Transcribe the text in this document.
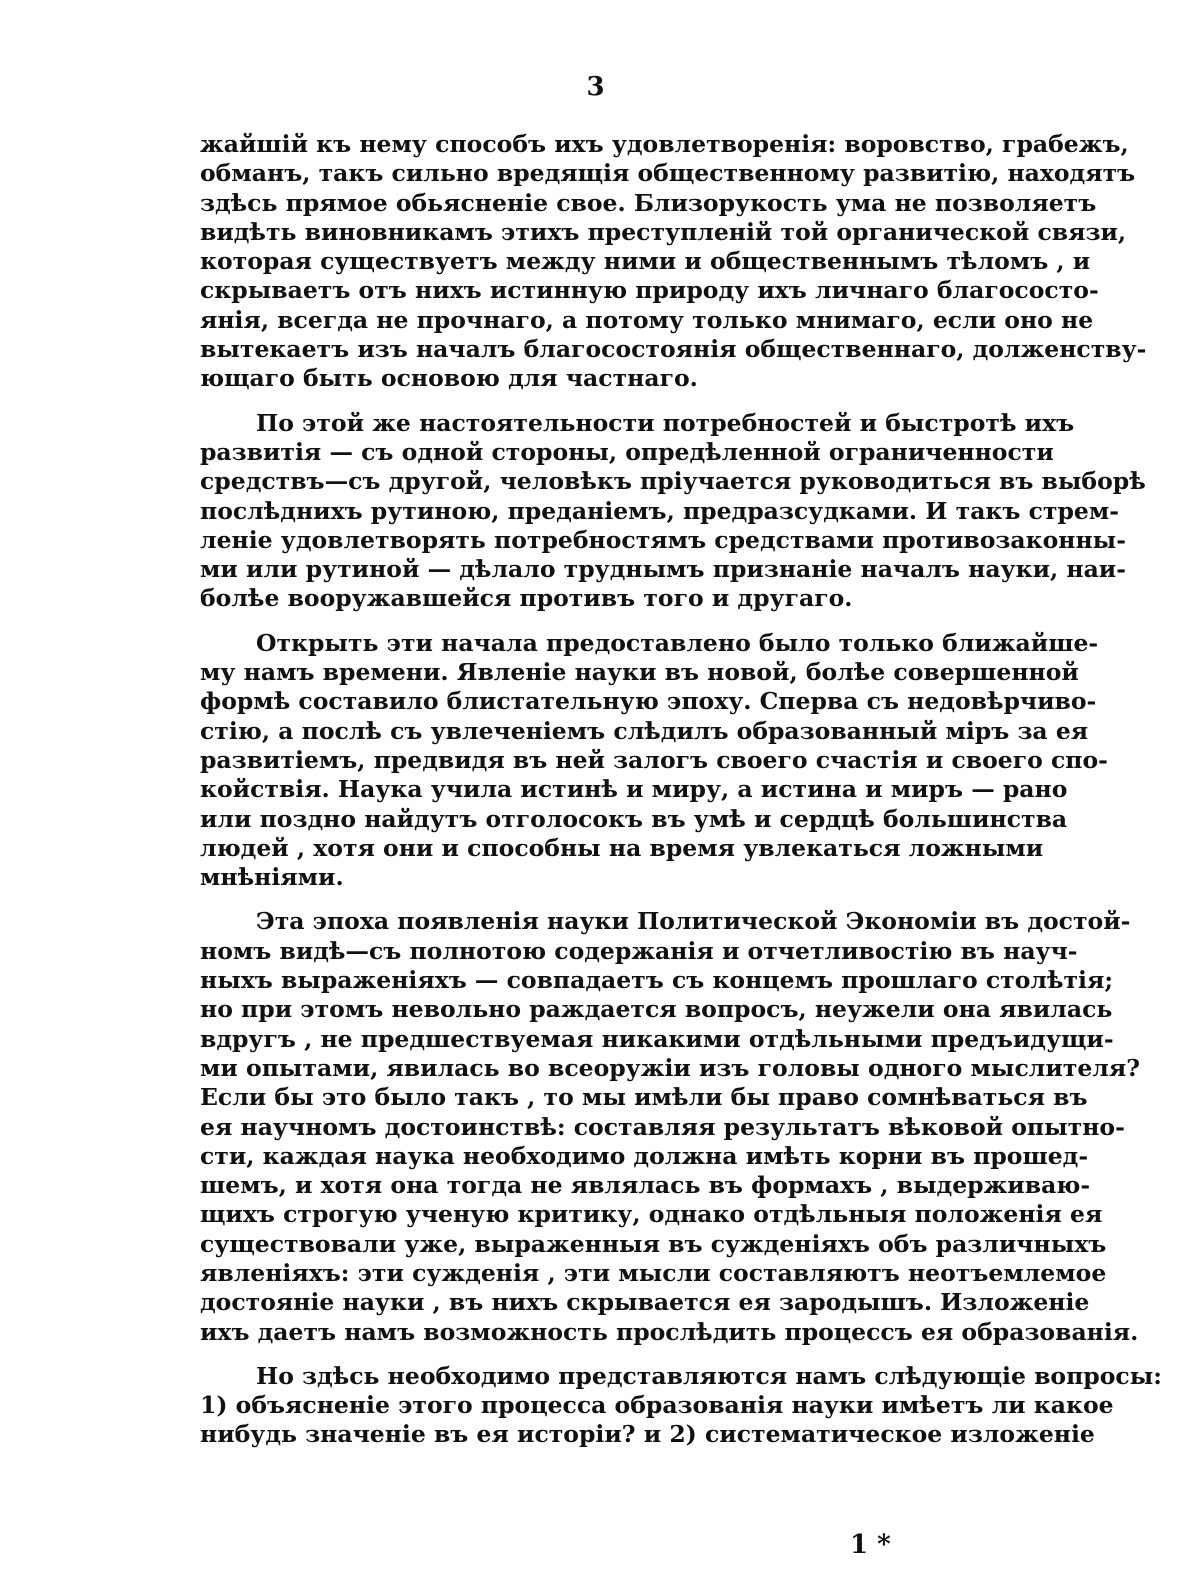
3
жайшій къ нему способъ ихъ удовлетворенія: воровство, грабежъ,
обманъ, такъ сильно вредящія общественному развитію, находятъ
здѣсь прямое обьясненіе свое. Близорукость ума не позволяетъ
видѣть виновникамъ этихъ преступленій той органической связи,
которая существуетъ между ними и общественнымъ тѣломъ , и
скрываетъ отъ нихъ истинную природу ихъ личнаго благососто-
янія, всегда не прочнаго, а потому только мнимаго, если оно не
вытекаетъ изъ началъ благосостоянія общественнаго, долженству-
ющаго быть основою для частнаго.
По этой же настоятельности потребностей и быстротѣ ихъ
развитія — съ одной стороны, опредѣленной ограниченности
средствъ—съ другой, человѣкъ пріучается руководиться въ выборѣ
послѣднихъ рутиною, преданіемъ, предразсудками. И такъ стрем-
леніе удовлетворять потребностямъ средствами противозаконны-
ми или рутиной — дѣлало труднымъ признаніе началъ науки, наи-
болѣе вооружавшейся противъ того и другаго.
Открыть эти начала предоставлено было только ближайше-
му намъ времени. Явленіе науки въ новой, болѣе совершенной
формѣ составило блистательную эпоху. Сперва съ недовѣрчиво-
стію, а послѣ съ увлеченіемъ слѣдилъ образованный міръ за ея
развитіемъ, предвидя въ ней залогъ своего счастія и своего спо-
койствія. Наука учила истинѣ и миру, а истина и миръ — рано
или поздно найдутъ отголосокъ въ умѣ и сердцѣ большинства
людей , хотя они и способны на время увлекаться ложными
мнѣніями.
Эта эпоха появленія науки Политической Экономіи въ достой-
номъ видѣ—съ полнотою содержанія и отчетливостію въ науч-
ныхъ выраженіяхъ — совпадаетъ съ концемъ прошлаго столѣтія;
но при этомъ невольно раждается вопросъ, неужели она явилась
вдругъ , не предшествуемая никакими отдѣльными предъидущи-
ми опытами, явилась во всеоружіи изъ головы одного мыслителя?
Если бы это было такъ , то мы имѣли бы право сомнѣваться въ
ея научномъ достоинствѣ: составляя результатъ вѣковой опытно-
сти, каждая наука необходимо должна имѣть корни въ прошед-
шемъ, и хотя она тогда не являлась въ формахъ , выдерживаю-
щихъ строгую ученую критику, однако отдѣльныя положенія ея
существовали уже, выраженныя въ сужденіяхъ объ различныхъ
явленіяхъ: эти сужденія , эти мысли составляютъ неотъемлемое
достояніе науки , въ нихъ скрывается ея зародышъ. Изложеніе
ихъ даетъ намъ возможность прослѣдить процессъ ея образованія.
Но здѣсь необходимо представляются намъ слѣдующіе вопросы:
1) объясненіе этого процесса образованія науки имѣетъ ли какое
нибудь значеніе въ ея исторіи? и 2) систематическое изложеніе
1 *
